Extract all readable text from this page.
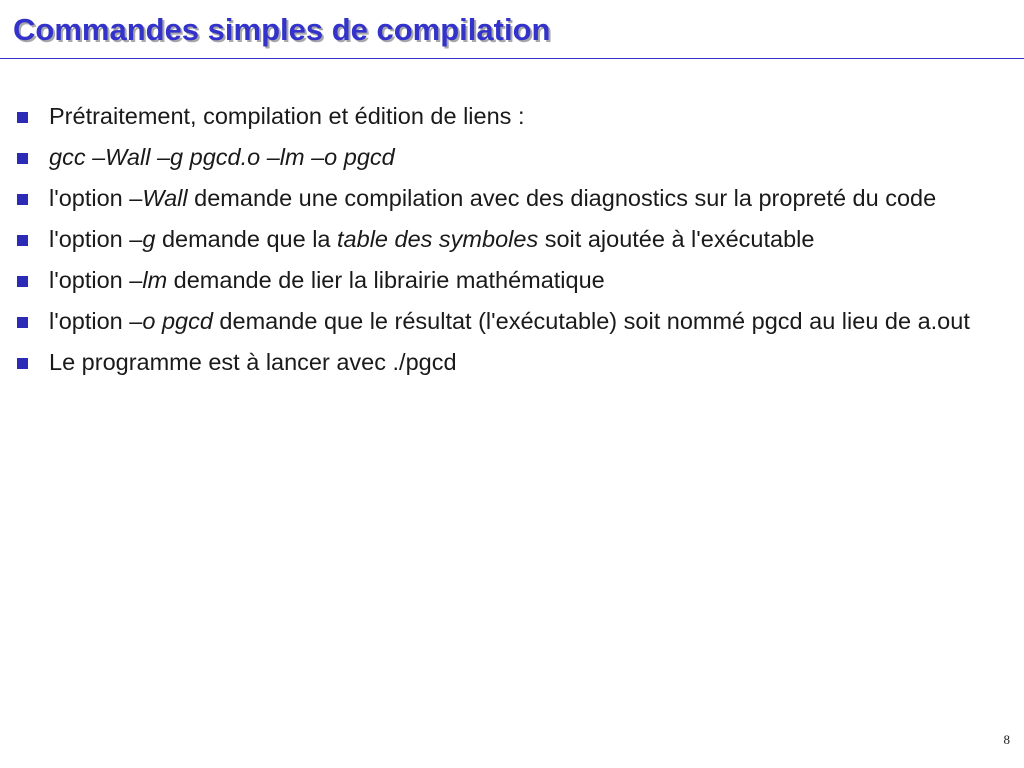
Commandes simples de compilation
Prétraitement, compilation et édition de liens :
gcc –Wall –g pgcd.o –lm –o pgcd
l'option –Wall demande une compilation avec des diagnostics sur la propreté du code
l'option –g demande que la table des symboles soit ajoutée à l'exécutable
l'option –lm demande de lier la librairie mathématique
l'option –o pgcd demande que le résultat (l'exécutable) soit nommé pgcd au lieu de a.out
Le programme est à lancer avec ./pgcd
8
